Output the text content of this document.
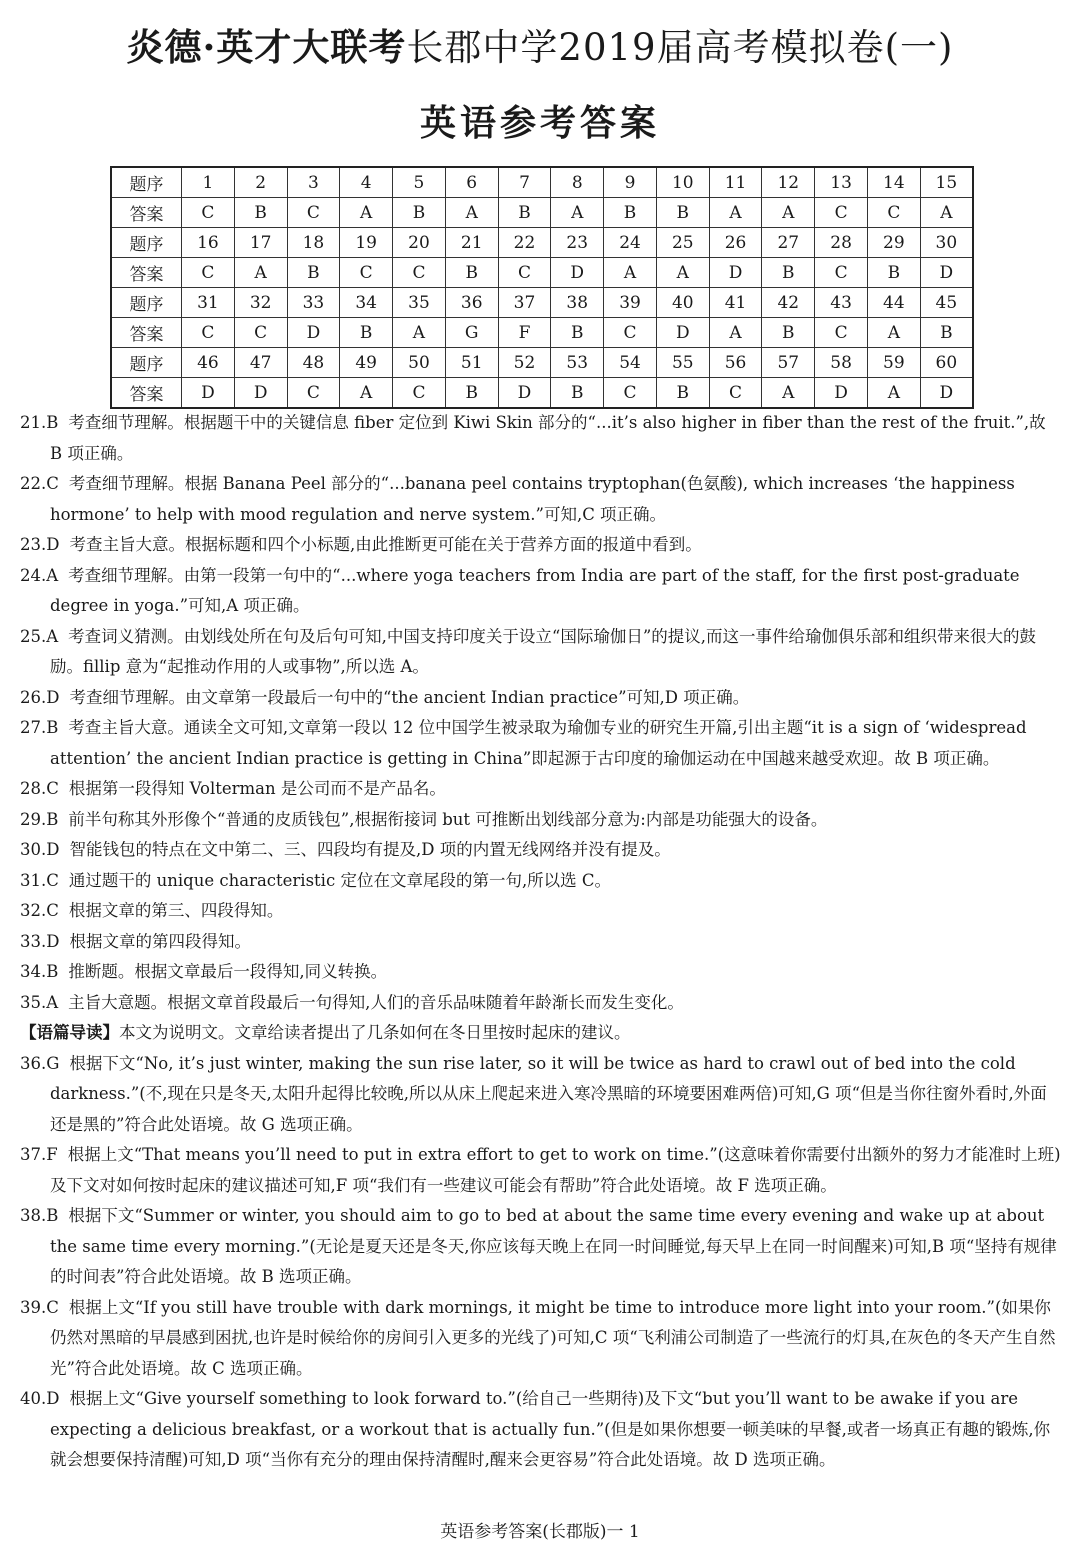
炎德·英才大联考长郡中学2019届高考模拟卷(一)
英语参考答案
题序	1	2	3	4	5	6	7	8	9	10	11	12	13	14	15
答案	C	B	C	A	B	A	B	A	B	B	A	A	C	C	A
题序	16	17	18	19	20	21	22	23	24	25	26	27	28	29	30
答案	C	A	B	C	C	B	C	D	A	A	D	B	C	B	D
题序	31	32	33	34	35	36	37	38	39	40	41	42	43	44	45
答案	C	C	D	B	A	G	F	B	C	D	A	B	C	A	B
题序	46	47	48	49	50	51	52	53	54	55	56	57	58	59	60
答案	D	D	C	A	C	B	D	B	C	B	C	A	D	A	D
21.B 考查细节理解。根据题干中的关键信息 fiber 定位到 Kiwi Skin 部分的“...it’s also higher in fiber than the rest of the fruit.”,故 B 项正确。
22.C 考查细节理解。根据 Banana Peel 部分的“...banana peel contains tryptophan(色氨酸), which increases ‘the happiness hormone’ to help with mood regulation and nerve system.”可知,C 项正确。
23.D 考查主旨大意。根据标题和四个小标题,由此推断更可能在关于营养方面的报道中看到。
24.A 考查细节理解。由第一段第一句中的“...where yoga teachers from India are part of the staff, for the first post-graduate degree in yoga.”可知,A 项正确。
25.A 考查词义猜测。由划线处所在句及后句可知,中国支持印度关于设立“国际瑜伽日”的提议,而这一事件给瑜伽俱乐部和组织带来很大的鼓励。fillip 意为“起推动作用的人或事物”,所以选 A。
26.D 考查细节理解。由文章第一段最后一句中的“the ancient Indian practice”可知,D 项正确。
27.B 考查主旨大意。通读全文可知,文章第一段以 12 位中国学生被录取为瑜伽专业的研究生开篇,引出主题“it is a sign of ‘widespread attention’ the ancient Indian practice is getting in China”即起源于古印度的瑜伽运动在中国越来越受欢迎。故 B 项正确。
28.C 根据第一段得知 Volterman 是公司而不是产品名。
29.B 前半句称其外形像个“普通的皮质钱包”,根据衔接词 but 可推断出划线部分意为:内部是功能强大的设备。
30.D 智能钱包的特点在文中第二、三、四段均有提及,D 项的内置无线网络并没有提及。
31.C 通过题干的 unique characteristic 定位在文章尾段的第一句,所以选 C。
32.C 根据文章的第三、四段得知。
33.D 根据文章的第四段得知。
34.B 推断题。根据文章最后一段得知,同义转换。
35.A 主旨大意题。根据文章首段最后一句得知,人们的音乐品味随着年龄渐长而发生变化。
【语篇导读】本文为说明文。文章给读者提出了几条如何在冬日里按时起床的建议。
36.G 根据下文“No, it’s just winter, making the sun rise later, so it will be twice as hard to crawl out of bed into the cold darkness.”(不,现在只是冬天,太阳升起得比较晚,所以从床上爬起来进入寒冷黑暗的环境要困难两倍)可知,G 项“但是当你往窗外看时,外面还是黑的”符合此处语境。故 G 选项正确。
37.F 根据上文“That means you’ll need to put in extra effort to get to work on time.”(这意味着你需要付出额外的努力才能准时上班)及下文对如何按时起床的建议描述可知,F 项“我们有一些建议可能会有帮助”符合此处语境。故 F 选项正确。
38.B 根据下文“Summer or winter, you should aim to go to bed at about the same time every evening and wake up at about the same time every morning.”(无论是夏天还是冬天,你应该每天晚上在同一时间睡觉,每天早上在同一时间醒来)可知,B 项“坚持有规律的时间表”符合此处语境。故 B 选项正确。
39.C 根据上文“If you still have trouble with dark mornings, it might be time to introduce more light into your room.”(如果你仍然对黑暗的早晨感到困扰,也许是时候给你的房间引入更多的光线了)可知,C 项“飞利浦公司制造了一些流行的灯具,在灰色的冬天产生自然光”符合此处语境。故 C 选项正确。
40.D 根据上文“Give yourself something to look forward to.”(给自己一些期待)及下文“but you’ll want to be awake if you are expecting a delicious breakfast, or a workout that is actually fun.”(但是如果你想要一顿美味的早餐,或者一场真正有趣的锻炼,你就会想要保持清醒)可知,D 项“当你有充分的理由保持清醒时,醒来会更容易”符合此处语境。故 D 选项正确。
英语参考答案(长郡版)一 1
